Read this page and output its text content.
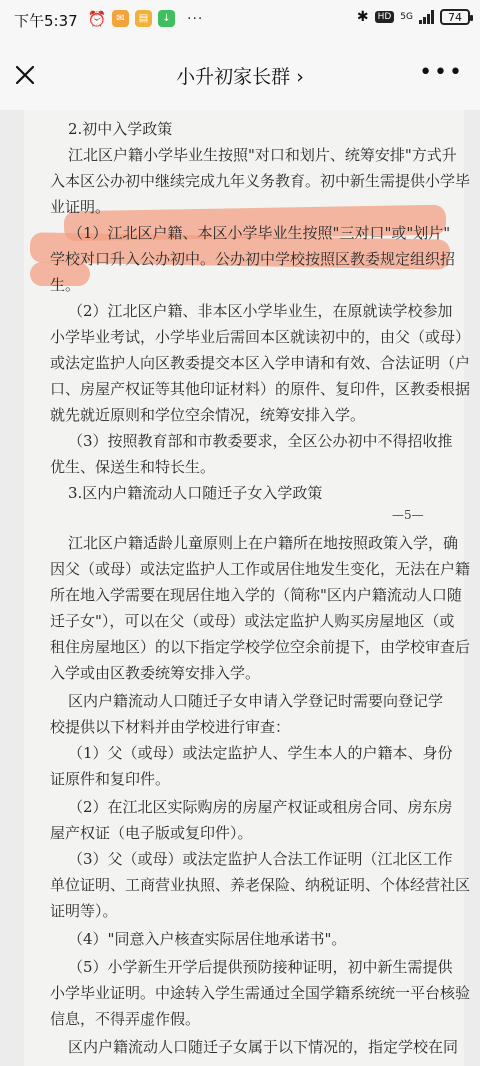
下午5:37 ⏰ ✉	▤	↓	···	✱	HD	5G	74
小升初家长群 ›	•••
2.初中入学政策
江北区户籍小学毕业生按照"对口和划片、统筹安排"方式升
入本区公办初中继续完成九年义务教育。初中新生需提供小学毕
业证明。
（1）江北区户籍、本区小学毕业生按照"三对口"或"划片"
学校对口升入公办初中。公办初中学校按照区教委规定组织招
生。
（2）江北区户籍、非本区小学毕业生，在原就读学校参加
小学毕业考试，小学毕业后需回本区就读初中的，由父（或母）
或法定监护人向区教委提交本区入学申请和有效、合法证明（户
口、房屋产权证等其他印证材料）的原件、复印件，区教委根据
就先就近原则和学位空余情况，统筹安排入学。
（3）按照教育部和市教委要求，全区公办初中不得招收推
优生、保送生和特长生。
3.区内户籍流动人口随迁子女入学政策
江北区户籍适龄儿童原则上在户籍所在地按照政策入学，确
因父（或母）或法定监护人工作或居住地发生变化，无法在户籍
所在地入学需要在现居住地入学的（简称"区内户籍流动人口随
迁子女"），可以在父（或母）或法定监护人购买房屋地区（或
租住房屋地区）的以下指定学校学位空余前提下，由学校审查后
入学或由区教委统筹安排入学。
区内户籍流动人口随迁子女申请入学登记时需要向登记学
校提供以下材料并由学校进行审查：
（1）父（或母）或法定监护人、学生本人的户籍本、身份
证原件和复印件。
（2）在江北区实际购房的房屋产权证或租房合同、房东房
屋产权证（电子版或复印件）。
（3）父（或母）或法定监护人合法工作证明（江北区工作
单位证明、工商营业执照、养老保险、纳税证明、个体经营社区
证明等）。
（4）"同意入户核查实际居住地承诺书"。
（5）小学新生开学后提供预防接种证明，初中新生需提供
小学毕业证明。中途转入学生需通过全国学籍系统统一平台核验
信息，不得弄虚作假。
区内户籍流动人口随迁子女属于以下情况的，指定学校在同
—5—
